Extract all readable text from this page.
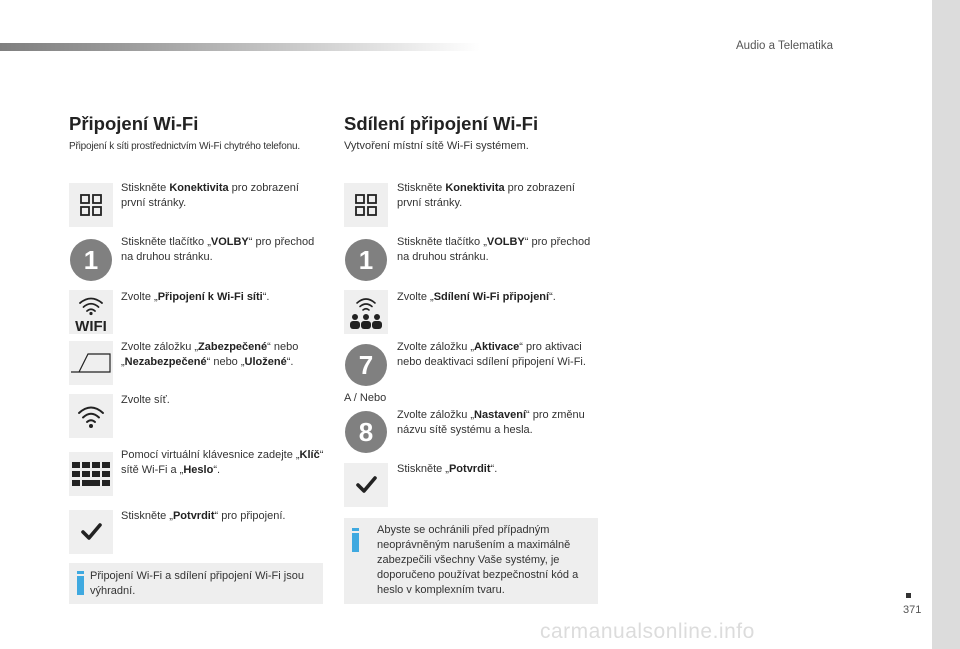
Audio a Telematika
Připojení Wi-Fi
Připojení k síti prostřednictvím Wi-Fi chytrého telefonu.
Stiskněte Konektivita pro zobrazení první stránky.
1
Stiskněte tlačítko „VOLBY“ pro přechod na druhou stránku.
WIFI
Zvolte „Připojení k Wi-Fi síti“.
Zvolte záložku „Zabezpečené“ nebo „Nezabezpečené“ nebo „Uložené“.
Zvolte síť.
Pomocí virtuální klávesnice zadejte „Klíč“ sítě Wi-Fi a „Heslo“.
Stiskněte „Potvrdit“ pro připojení.
Připojení Wi-Fi a sdílení připojení Wi-Fi jsou výhradní.
Sdílení připojení Wi-Fi
Vytvoření místní sítě Wi-Fi systémem.
Stiskněte Konektivita pro zobrazení první stránky.
1
Stiskněte tlačítko „VOLBY“ pro přechod na druhou stránku.
Zvolte „Sdílení Wi-Fi připojení“.
7
Zvolte záložku „Aktivace“ pro aktivaci nebo deaktivaci sdílení připojení Wi-Fi.
A / Nebo
8
Zvolte záložku „Nastavení“ pro změnu názvu sítě systému a hesla.
Stiskněte „Potvrdit“.
Abyste se ochránili před případným neoprávněným narušením a maximálně zabezpečili všechny Vaše systémy, je doporučeno používat bezpečnostní kód a heslo v komplexním tvaru.
371
carmanualsonline.info
